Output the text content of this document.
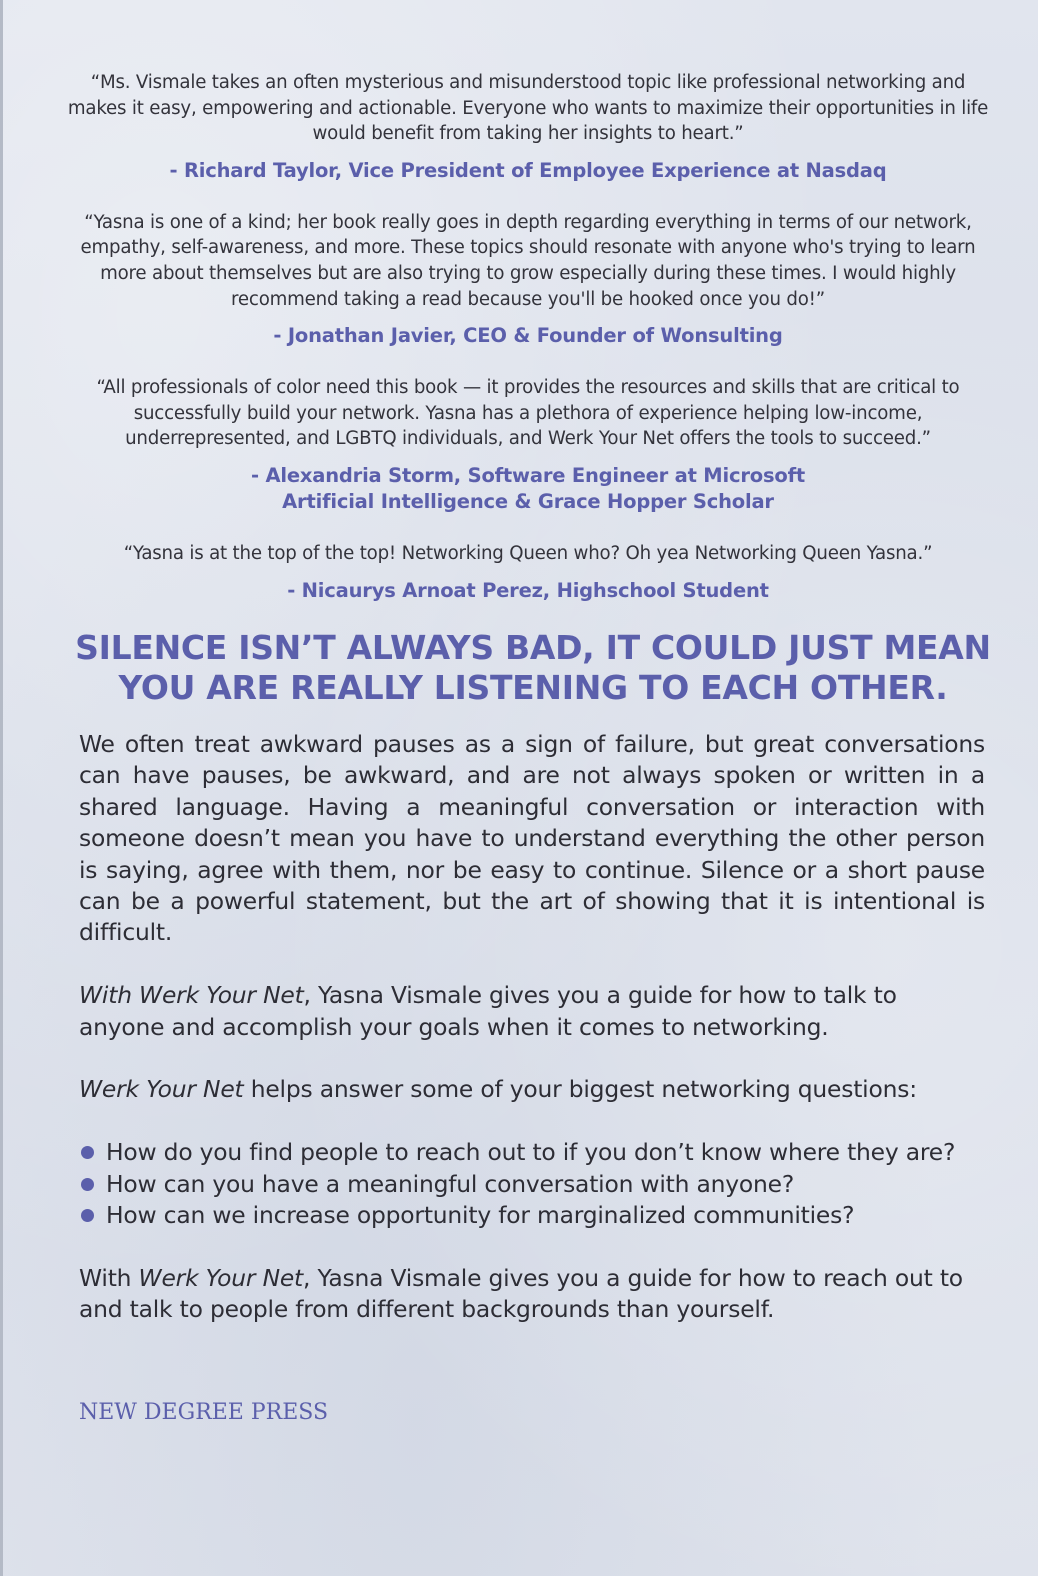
“Ms. Vismale takes an often mysterious and misunderstood topic like professional networking and makes it easy, empowering and actionable. Everyone who wants to maximize their opportunities in life would benefit from taking her insights to heart.”

- Richard Taylor, Vice President of Employee Experience at Nasdaq

“Yasna is one of a kind; her book really goes in depth regarding everything in terms of our network, empathy, self-awareness, and more. These topics should resonate with anyone who's trying to learn more about themselves but are also trying to grow especially during these times. I would highly recommend taking a read because you'll be hooked once you do!”

- Jonathan Javier, CEO & Founder of Wonsulting

“All professionals of color need this book — it provides the resources and skills that are critical to successfully build your network. Yasna has a plethora of experience helping low-income, underrepresented, and LGBTQ individuals, and Werk Your Net offers the tools to succeed.”

- Alexandria Storm, Software Engineer at Microsoft
Artificial Intelligence & Grace Hopper Scholar

“Yasna is at the top of the top! Networking Queen who? Oh yea Networking Queen Yasna.”

- Nicaurys Arnoat Perez, Highschool Student

SILENCE ISN’T ALWAYS BAD, IT COULD JUST MEAN
YOU ARE REALLY LISTENING TO EACH OTHER.

We often treat awkward pauses as a sign of failure, but great conversations can have pauses, be awkward, and are not always spoken or written in a shared language. Having a meaningful conversation or interaction with someone doesn’t mean you have to understand everything the other person is saying, agree with them, nor be easy to continue. Silence or a short pause can be a powerful statement, but the art of showing that it is intentional is difficult.

With Werk Your Net, Yasna Vismale gives you a guide for how to talk to anyone and accomplish your goals when it comes to networking.

Werk Your Net helps answer some of your biggest networking questions:

How do you find people to reach out to if you don’t know where they are?
How can you have a meaningful conversation with anyone?
How can we increase opportunity for marginalized communities?

With Werk Your Net, Yasna Vismale gives you a guide for how to reach out to and talk to people from different backgrounds than yourself.

NEW DEGREE PRESS
